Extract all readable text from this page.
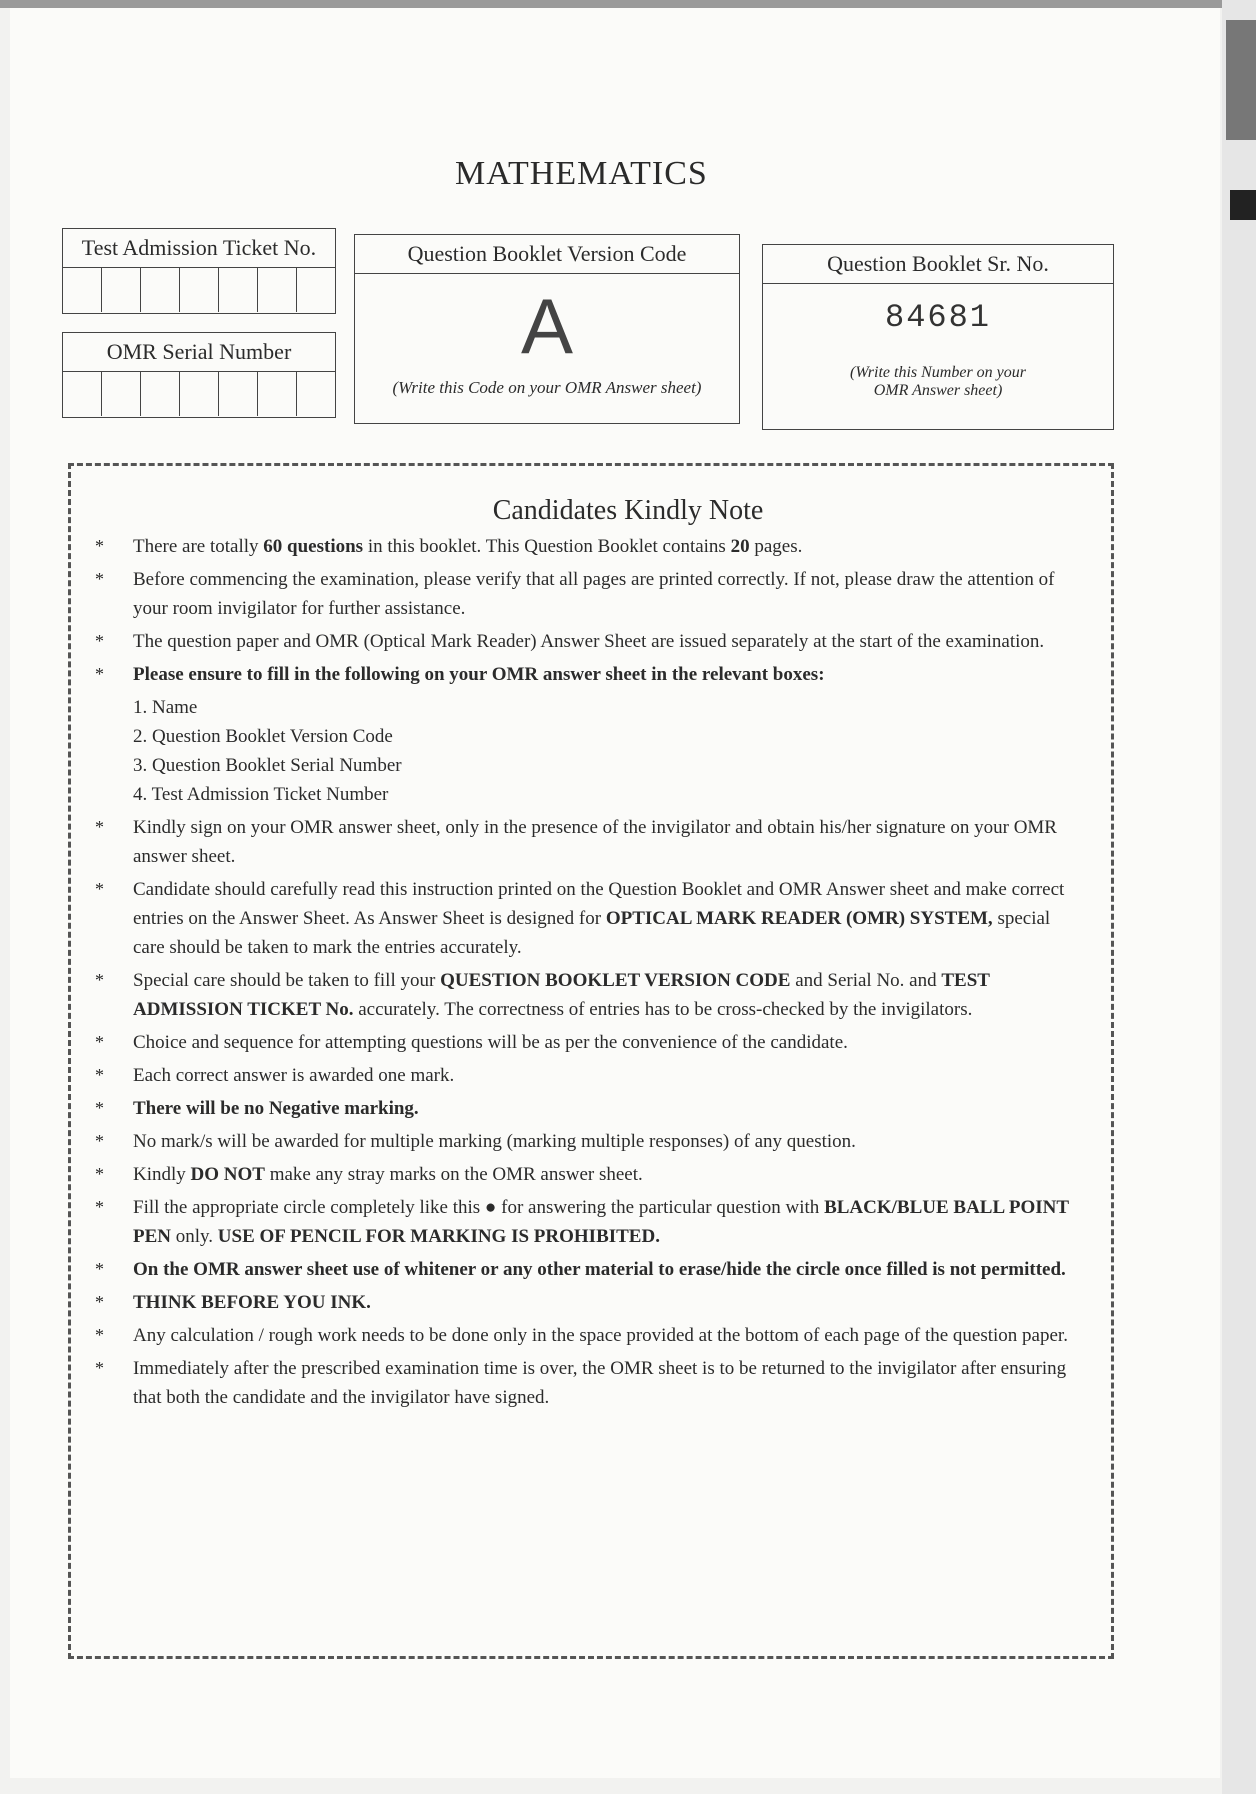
MATHEMATICS
Test Admission Ticket No.
OMR Serial Number
Question Booklet Version Code
A
(Write this Code on your OMR Answer sheet)
Question Booklet Sr. No.
84681
(Write this Number on your
OMR Answer sheet)
Candidates Kindly Note
* There are totally 60 questions in this booklet. This Question Booklet contains 20 pages.
* Before commencing the examination, please verify that all pages are printed correctly. If not, please draw the attention of your room invigilator for further assistance.
* The question paper and OMR (Optical Mark Reader) Answer Sheet are issued separately at the start of the examination.
* Please ensure to fill in the following on your OMR answer sheet in the relevant boxes:
1. Name
2. Question Booklet Version Code
3. Question Booklet Serial Number
4. Test Admission Ticket Number
* Kindly sign on your OMR answer sheet, only in the presence of the invigilator and obtain his/her signature on your OMR answer sheet.
* Candidate should carefully read this instruction printed on the Question Booklet and OMR Answer sheet and make correct entries on the Answer Sheet. As Answer Sheet is designed for OPTICAL MARK READER (OMR) SYSTEM, special care should be taken to mark the entries accurately.
* Special care should be taken to fill your QUESTION BOOKLET VERSION CODE and Serial No. and TEST ADMISSION TICKET No. accurately. The correctness of entries has to be cross-checked by the invigilators.
* Choice and sequence for attempting questions will be as per the convenience of the candidate.
* Each correct answer is awarded one mark.
* There will be no Negative marking.
* No mark/s will be awarded for multiple marking (marking multiple responses) of any question.
* Kindly DO NOT make any stray marks on the OMR answer sheet.
* Fill the appropriate circle completely like this ● for answering the particular question with BLACK/BLUE BALL POINT PEN only. USE OF PENCIL FOR MARKING IS PROHIBITED.
* On the OMR answer sheet use of whitener or any other material to erase/hide the circle once filled is not permitted.
* THINK BEFORE YOU INK.
* Any calculation / rough work needs to be done only in the space provided at the bottom of each page of the question paper.
* Immediately after the prescribed examination time is over, the OMR sheet is to be returned to the invigilator after ensuring that both the candidate and the invigilator have signed.
